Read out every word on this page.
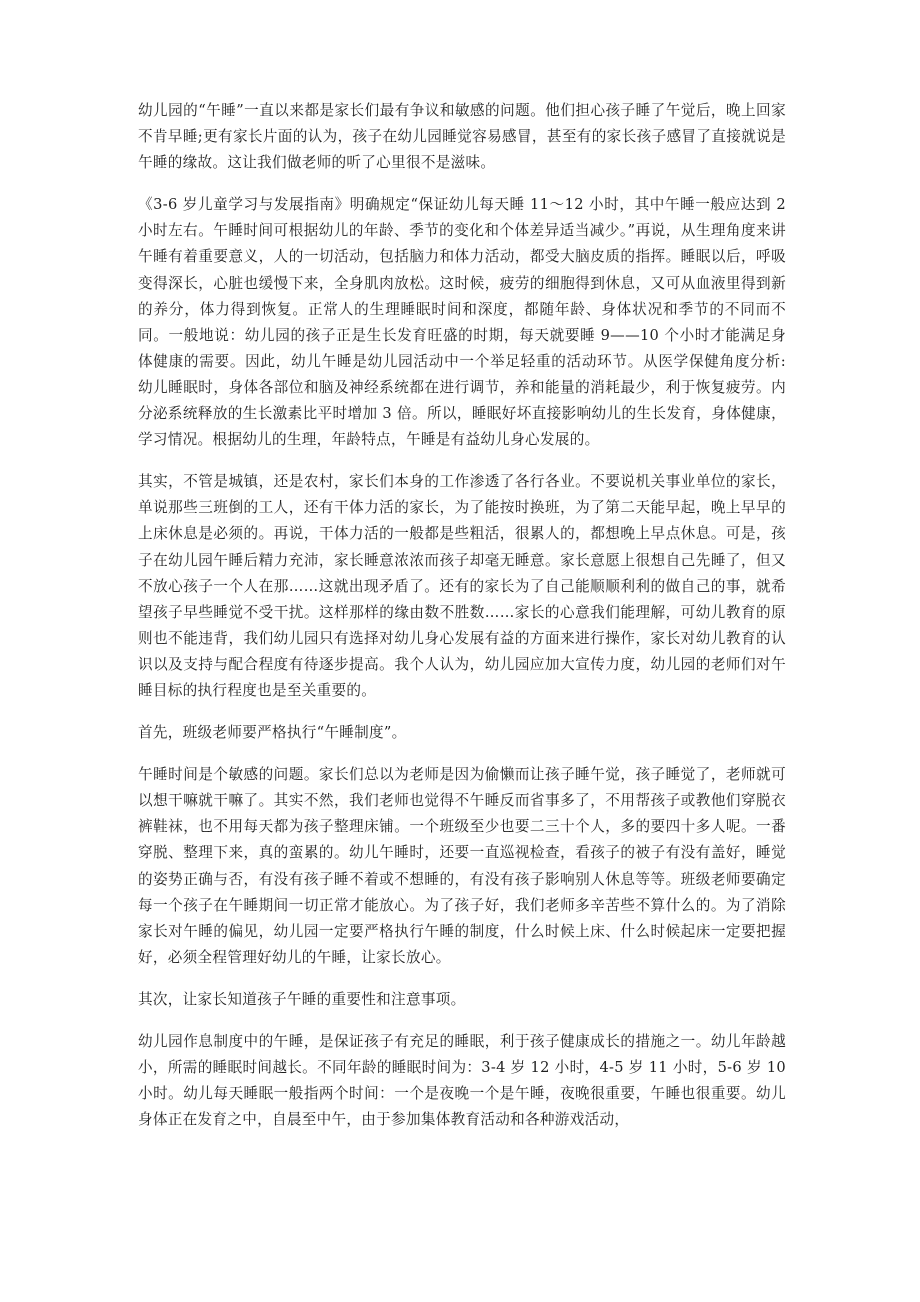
幼儿园的“午睡”一直以来都是家长们最有争议和敏感的问题。他们担心孩子睡了午觉后，晚上回家不肯早睡;更有家长片面的认为，孩子在幼儿园睡觉容易感冒，甚至有的家长孩子感冒了直接就说是午睡的缘故。这让我们做老师的听了心里很不是滋味。

《3-6 岁儿童学习与发展指南》明确规定“保证幼儿每天睡 11～12 小时，其中午睡一般应达到 2 小时左右。午睡时间可根据幼儿的年龄、季节的变化和个体差异适当减少。”再说，从生理角度来讲午睡有着重要意义，人的一切活动，包括脑力和体力活动，都受大脑皮质的指挥。睡眠以后，呼吸变得深长，心脏也缓慢下来，全身肌肉放松。这时候，疲劳的细胞得到休息，又可从血液里得到新的养分，体力得到恢复。正常人的生理睡眠时间和深度，都随年龄、身体状况和季节的不同而不同。一般地说：幼儿园的孩子正是生长发育旺盛的时期，每天就要睡 9——10 个小时才能满足身体健康的需要。因此，幼儿午睡是幼儿园活动中一个举足轻重的活动环节。从医学保健角度分析: 幼儿睡眠时，身体各部位和脑及神经系统都在进行调节，养和能量的消耗最少，利于恢复疲劳。内分泌系统释放的生长激素比平时增加 3 倍。所以，睡眠好坏直接影响幼儿的生长发育，身体健康，学习情况。根据幼儿的生理，年龄特点，午睡是有益幼儿身心发展的。

其实，不管是城镇，还是农村，家长们本身的工作渗透了各行各业。不要说机关事业单位的家长，单说那些三班倒的工人，还有干体力活的家长，为了能按时换班，为了第二天能早起，晚上早早的上床休息是必须的。再说，干体力活的一般都是些粗活，很累人的，都想晚上早点休息。可是，孩子在幼儿园午睡后精力充沛，家长睡意浓浓而孩子却毫无睡意。家长意愿上很想自己先睡了，但又不放心孩子一个人在那……这就出现矛盾了。还有的家长为了自己能顺顺利利的做自己的事，就希望孩子早些睡觉不受干扰。这样那样的缘由数不胜数……家长的心意我们能理解，可幼儿教育的原则也不能违背，我们幼儿园只有选择对幼儿身心发展有益的方面来进行操作，家长对幼儿教育的认识以及支持与配合程度有待逐步提高。我个人认为，幼儿园应加大宣传力度，幼儿园的老师们对午睡目标的执行程度也是至关重要的。

首先，班级老师要严格执行“午睡制度”。

午睡时间是个敏感的问题。家长们总以为老师是因为偷懒而让孩子睡午觉，孩子睡觉了，老师就可以想干嘛就干嘛了。其实不然，我们老师也觉得不午睡反而省事多了，不用帮孩子或教他们穿脱衣裤鞋袜，也不用每天都为孩子整理床铺。一个班级至少也要二三十个人，多的要四十多人呢。一番穿脱、整理下来，真的蛮累的。幼儿午睡时，还要一直巡视检查，看孩子的被子有没有盖好，睡觉的姿势正确与否，有没有孩子睡不着或不想睡的，有没有孩子影响别人休息等等。班级老师要确定每一个孩子在午睡期间一切正常才能放心。为了孩子好，我们老师多辛苦些不算什么的。为了消除家长对午睡的偏见，幼儿园一定要严格执行午睡的制度，什么时候上床、什么时候起床一定要把握好，必须全程管理好幼儿的午睡，让家长放心。

其次，让家长知道孩子午睡的重要性和注意事项。

幼儿园作息制度中的午睡，是保证孩子有充足的睡眠，利于孩子健康成长的措施之一。幼儿年龄越小，所需的睡眠时间越长。不同年龄的睡眠时间为：3-4 岁 12 小时，4-5 岁 11 小时，5-6 岁 10 小时。幼儿每天睡眠一般指两个时间：一个是夜晚一个是午睡，夜晚很重要，午睡也很重要。幼儿身体正在发育之中，自晨至中午，由于参加集体教育活动和各种游戏活动，
